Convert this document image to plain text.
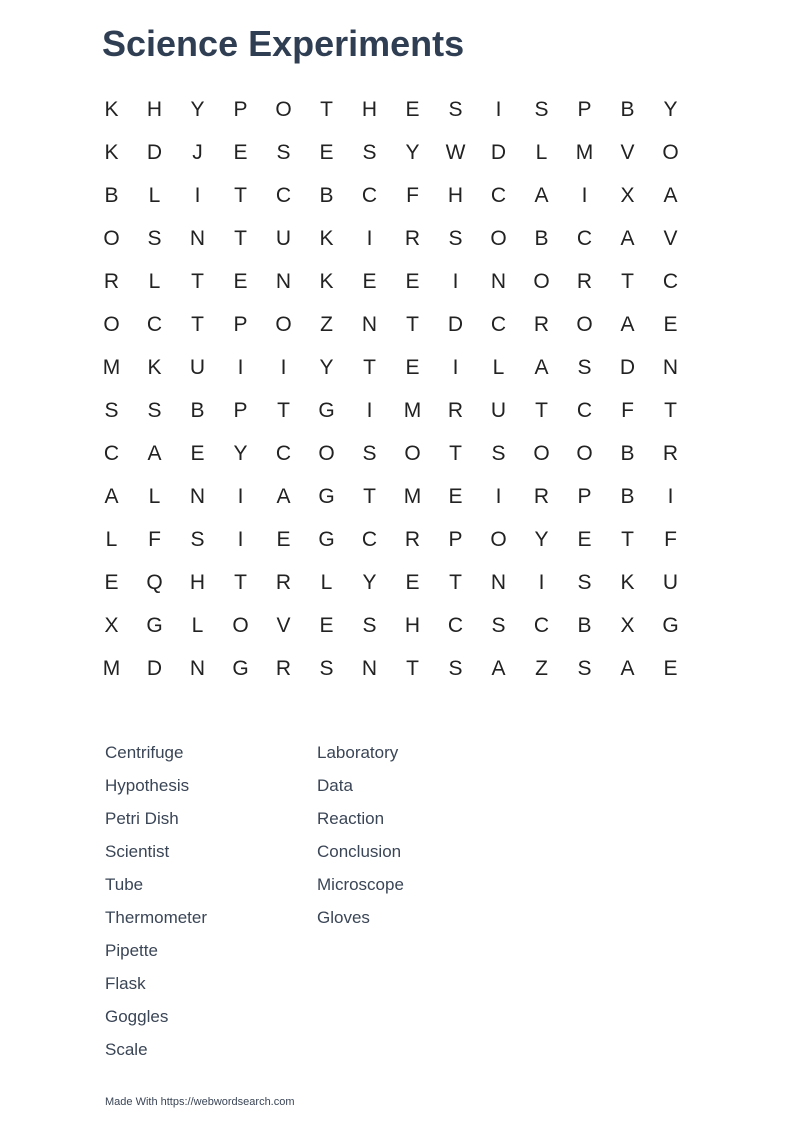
Science Experiments
K	H	Y	P	O	T	H	E	S	I	S	P	B	Y
K	D	J	E	S	E	S	Y	W	D	L	M	V	O
B	L	I	T	C	B	C	F	H	C	A	I	X	A
O	S	N	T	U	K	I	R	S	O	B	C	A	V
R	L	T	E	N	K	E	E	I	N	O	R	T	C
O	C	T	P	O	Z	N	T	D	C	R	O	A	E
M	K	U	I	I	Y	T	E	I	L	A	S	D	N
S	S	B	P	T	G	I	M	R	U	T	C	F	T
C	A	E	Y	C	O	S	O	T	S	O	O	B	R
A	L	N	I	A	G	T	M	E	I	R	P	B	I
L	F	S	I	E	G	C	R	P	O	Y	E	T	F
E	Q	H	T	R	L	Y	E	T	N	I	S	K	U
X	G	L	O	V	E	S	H	C	S	C	B	X	G
M	D	N	G	R	S	N	T	S	A	Z	S	A	E
Centrifuge
Hypothesis
Petri Dish
Scientist
Tube
Thermometer
Pipette
Flask
Goggles
Scale
Laboratory
Data
Reaction
Conclusion
Microscope
Gloves
Made With https://webwordsearch.com
